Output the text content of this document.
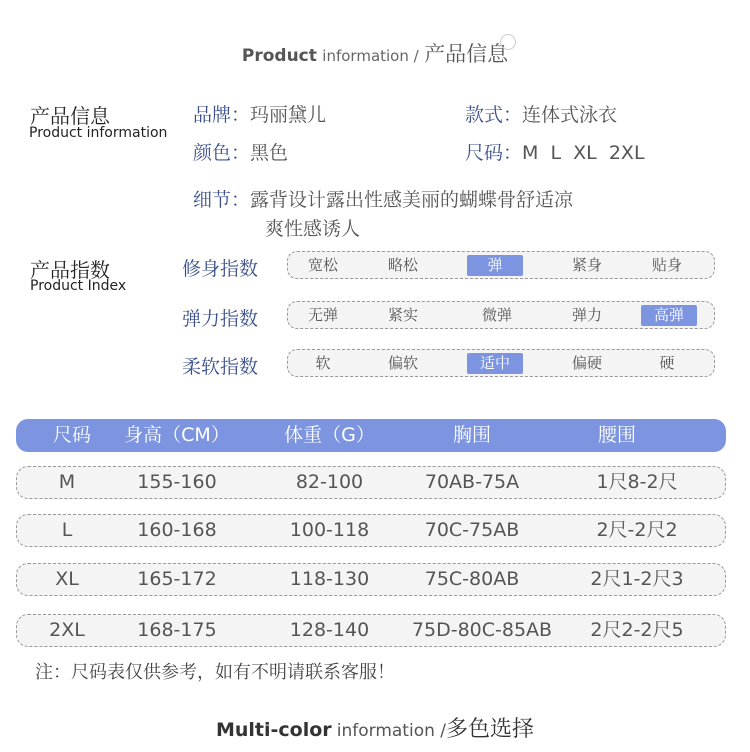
Product information / 产品信息
产品信息
Product information
品牌：玛丽黛儿	款式：连体式泳衣
颜色：黑色	尺码：M  L  XL  2XL
细节：露背设计露出性感美丽的蝴蝶骨舒适凉
爽性感诱人
产品指数
Product Index
修身指数	宽松	略松	弹	紧身	贴身
弹力指数	无弹	紧实	微弹	弹力	高弹
柔软指数	软	偏软	适中	偏硬	硬
尺码	身高（CM）	体重（G）	胸围	腰围
M	155-160	82-100	70AB-75A	1尺8-2尺
L	160-168	100-118	70C-75AB	2尺-2尺2
XL	165-172	118-130	75C-80AB	2尺1-2尺3
2XL	168-175	128-140	75D-80C-85AB	2尺2-2尺5
注：尺码表仅供参考，如有不明请联系客服！
Multi-color information /多色选择
